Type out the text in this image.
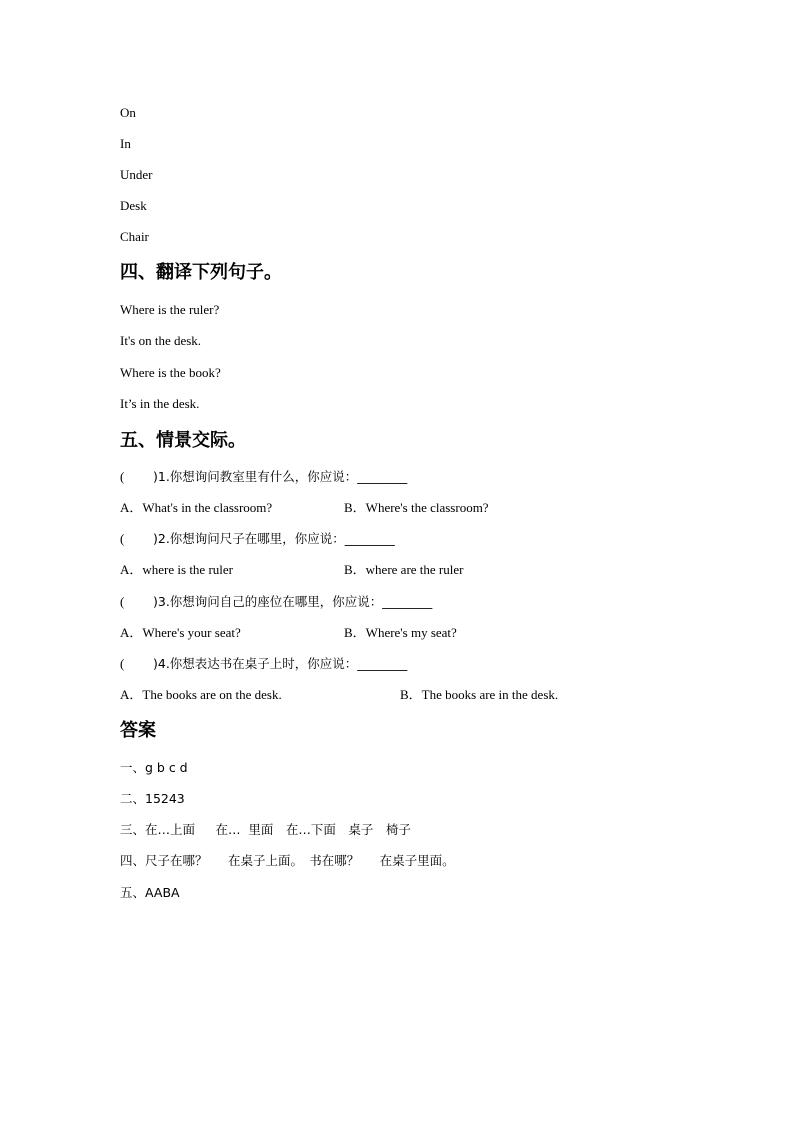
On
In
Under
Desk
Chair
四、翻译下列句子。
Where is the ruler?
It's on the desk.
Where is the book?
It’s in the desk.
五、情景交际。
( )1.你想询问教室里有什么，你应说：________
A．What's in the classroom?	B．Where's the classroom?
( )2.你想询问尺子在哪里，你应说：________
A．where is the ruler	B．where are the ruler
( )3.你想询问自己的座位在哪里，你应说：________
A．Where's your seat?	B．Where's my seat?
( )4.你想表达书在桌子上时，你应说：________
A．The books are on the desk.	B．The books are in the desk.
答案
一、g b c d
二、15243
三、在…上面　  在…  里面　在…下面　桌子　椅子
四、尺子在哪？　  在桌子上面。　书在哪？　  在桌子里面。
五、AABA
